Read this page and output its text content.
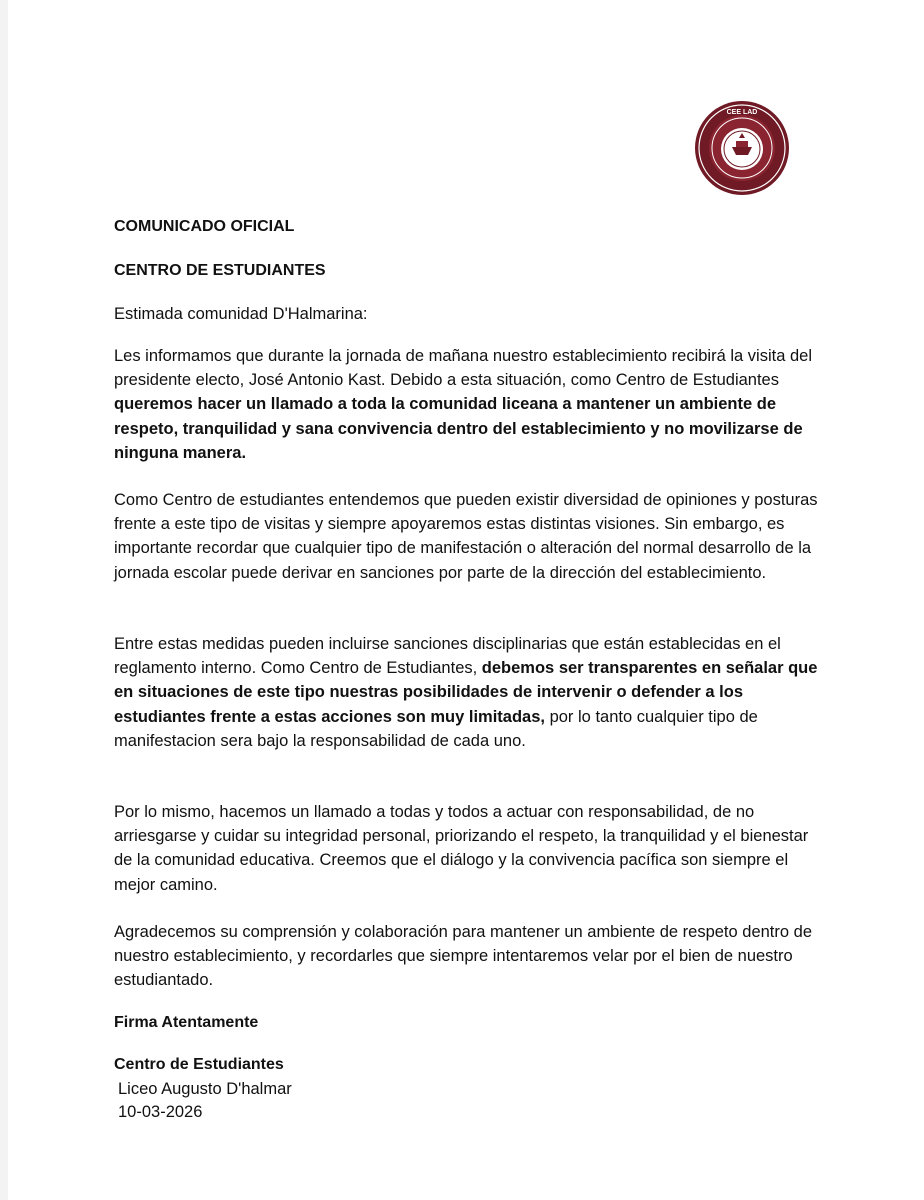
CEE LAD
COMUNICADO OFICIAL
CENTRO DE ESTUDIANTES
Estimada comunidad D'Halmarina:

Les informamos que durante la jornada de mañana nuestro establecimiento recibirá la visita del presidente electo, José Antonio Kast. Debido a esta situación, como Centro de Estudiantes queremos hacer un llamado a toda la comunidad liceana a mantener un ambiente de respeto, tranquilidad y sana convivencia dentro del establecimiento y no movilizarse de ninguna manera.

Como Centro de estudiantes entendemos que pueden existir diversidad de opiniones y posturas frente a este tipo de visitas y siempre apoyaremos estas distintas visiones. Sin embargo, es importante recordar que cualquier tipo de manifestación o alteración del normal desarrollo de la jornada escolar puede derivar en sanciones por parte de la dirección del establecimiento.

Entre estas medidas pueden incluirse sanciones disciplinarias que están establecidas en el reglamento interno. Como Centro de Estudiantes, debemos ser transparentes en señalar que en situaciones de este tipo nuestras posibilidades de intervenir o defender a los estudiantes frente a estas acciones son muy limitadas, por lo tanto cualquier tipo de manifestacion sera bajo la responsabilidad de cada uno.

Por lo mismo, hacemos un llamado a todas y todos a actuar con responsabilidad, de no arriesgarse y cuidar su integridad personal, priorizando el respeto, la tranquilidad y el bienestar de la comunidad educativa. Creemos que el diálogo y la convivencia pacífica son siempre el mejor camino.

Agradecemos su comprensión y colaboración para mantener un ambiente de respeto dentro de nuestro establecimiento, y recordarles que siempre intentaremos velar por el bien de nuestro estudiantado.

Firma Atentamente
Centro de Estudiantes
Liceo Augusto D'halmar
10-03-2026
